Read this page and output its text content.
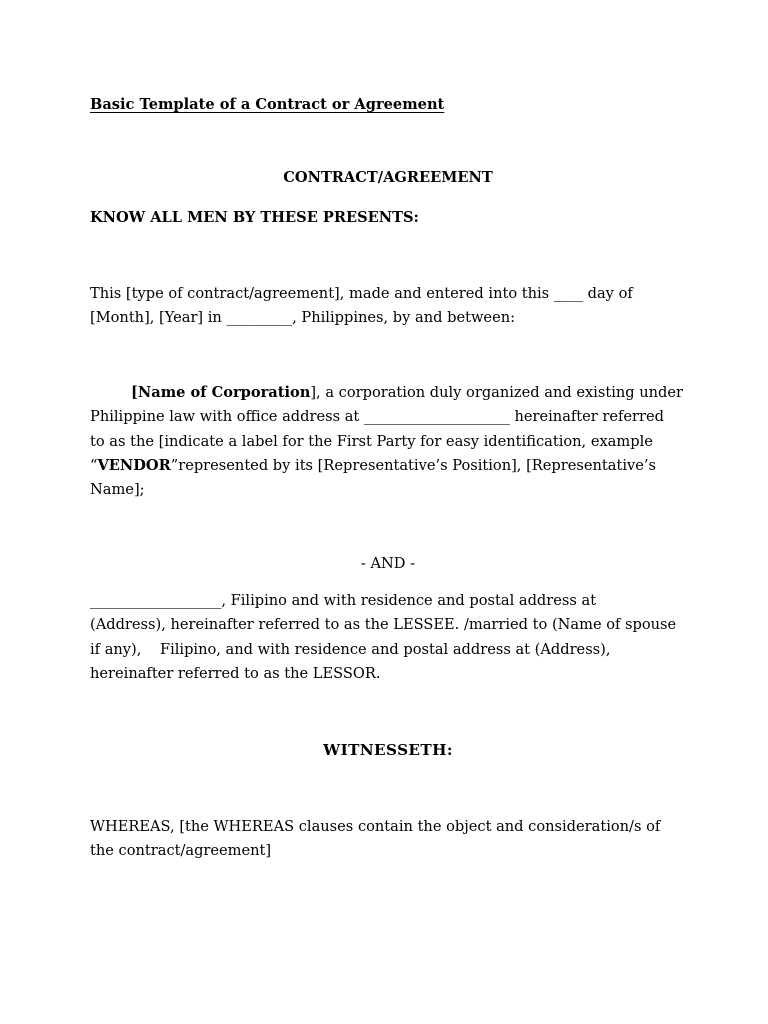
Basic Template of a Contract or Agreement
CONTRACT/AGREEMENT
KNOW ALL MEN BY THESE PRESENTS:
This [type of contract/agreement], made and entered into this ____ day of
[Month], [Year] in _________, Philippines, by and between:
[Name of Corporation], a corporation duly organized and existing under
Philippine law with office address at ____________________ hereinafter referred
to as the [indicate a label for the First Party for easy identification, example
“VENDOR”represented by its [Representative’s Position], [Representative’s
Name];
- AND -
__________________, Filipino and with residence and postal address at
(Address), hereinafter referred to as the LESSEE. /married to (Name of spouse
if any),    Filipino, and with residence and postal address at (Address),
hereinafter referred to as the LESSOR.
WITNESSETH:
WHEREAS, [the WHEREAS clauses contain the object and consideration/s of
the contract/agreement]
